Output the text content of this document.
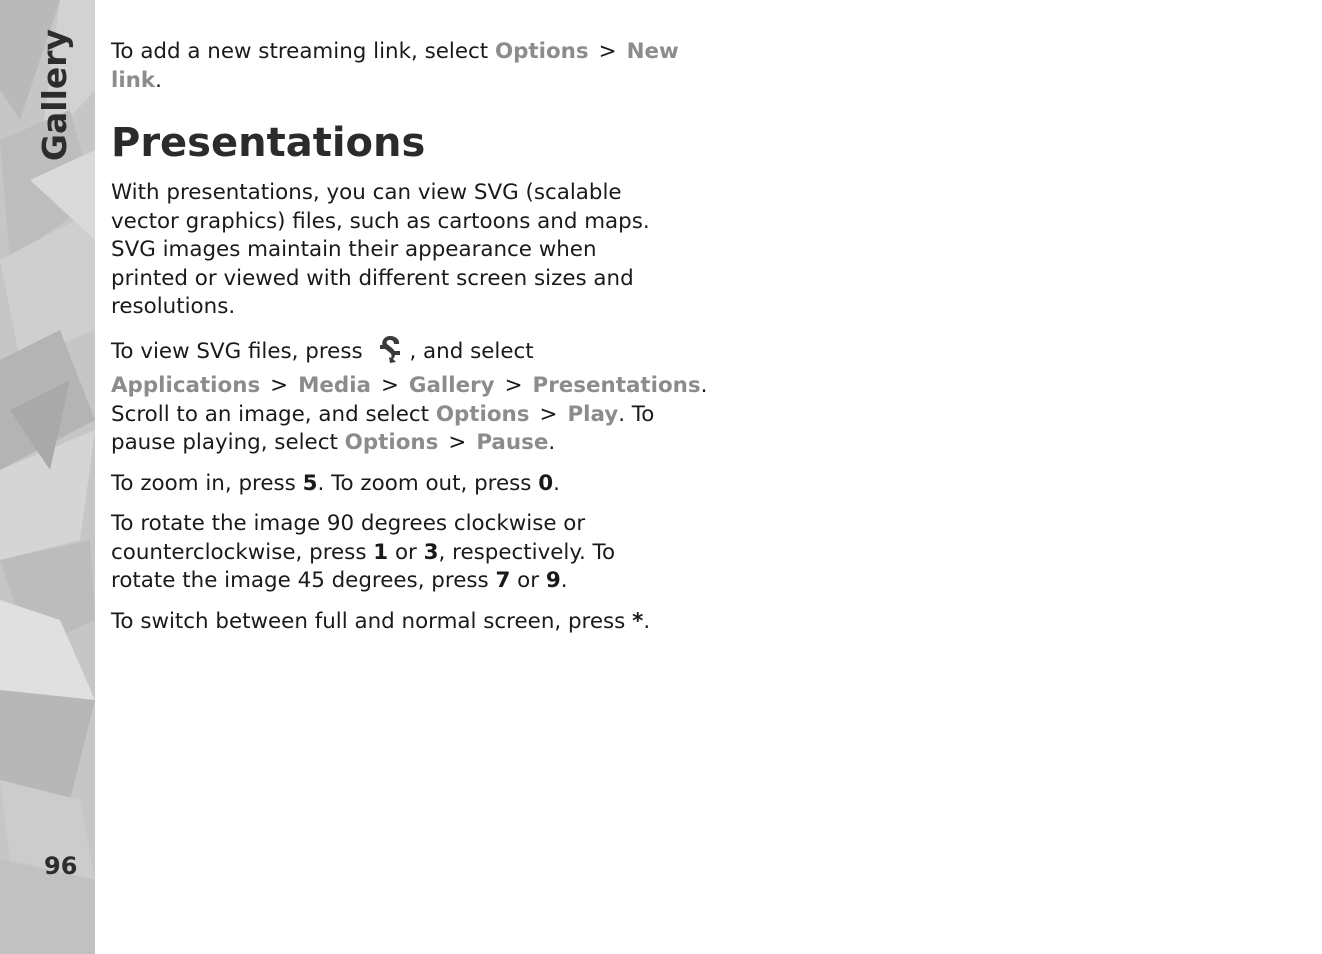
Gallery
96

To add a new streaming link, select Options > New link.

Presentations

With presentations, you can view SVG (scalable vector graphics) files, such as cartoons and maps. SVG images maintain their appearance when printed or viewed with different screen sizes and resolutions.

To view SVG files, press , and select Applications > Media > Gallery > Presentations. Scroll to an image, and select Options > Play. To pause playing, select Options > Pause.

To zoom in, press 5. To zoom out, press 0.

To rotate the image 90 degrees clockwise or counterclockwise, press 1 or 3, respectively. To rotate the image 45 degrees, press 7 or 9.

To switch between full and normal screen, press *.
